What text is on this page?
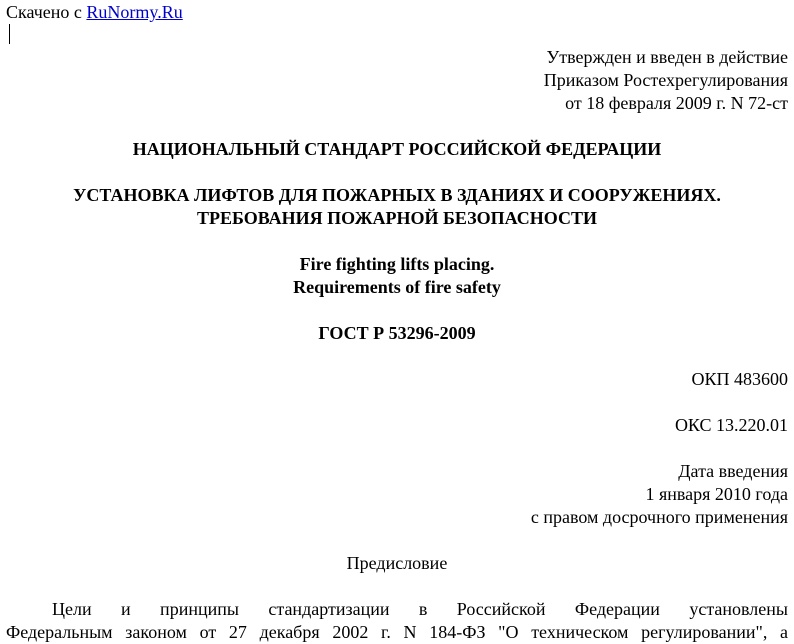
Скачено с RuNormy.Ru
Утвержден и введен в действие
Приказом Ростехрегулирования
от 18 февраля 2009 г. N 72-ст
НАЦИОНАЛЬНЫЙ СТАНДАРТ РОССИЙСКОЙ ФЕДЕРАЦИИ
УСТАНОВКА ЛИФТОВ ДЛЯ ПОЖАРНЫХ В ЗДАНИЯХ И СООРУЖЕНИЯХ.
ТРЕБОВАНИЯ ПОЖАРНОЙ БЕЗОПАСНОСТИ
Fire fighting lifts placing.
Requirements of fire safety
ГОСТ Р 53296-2009
ОКП 483600
ОКС 13.220.01
Дата введения
1 января 2010 года
с правом досрочного применения
Предисловие
Цели и принципы стандартизации в Российской Федерации установлены
Федеральным законом от 27 декабря 2002 г. N 184-ФЗ "О техническом регулировании", а
